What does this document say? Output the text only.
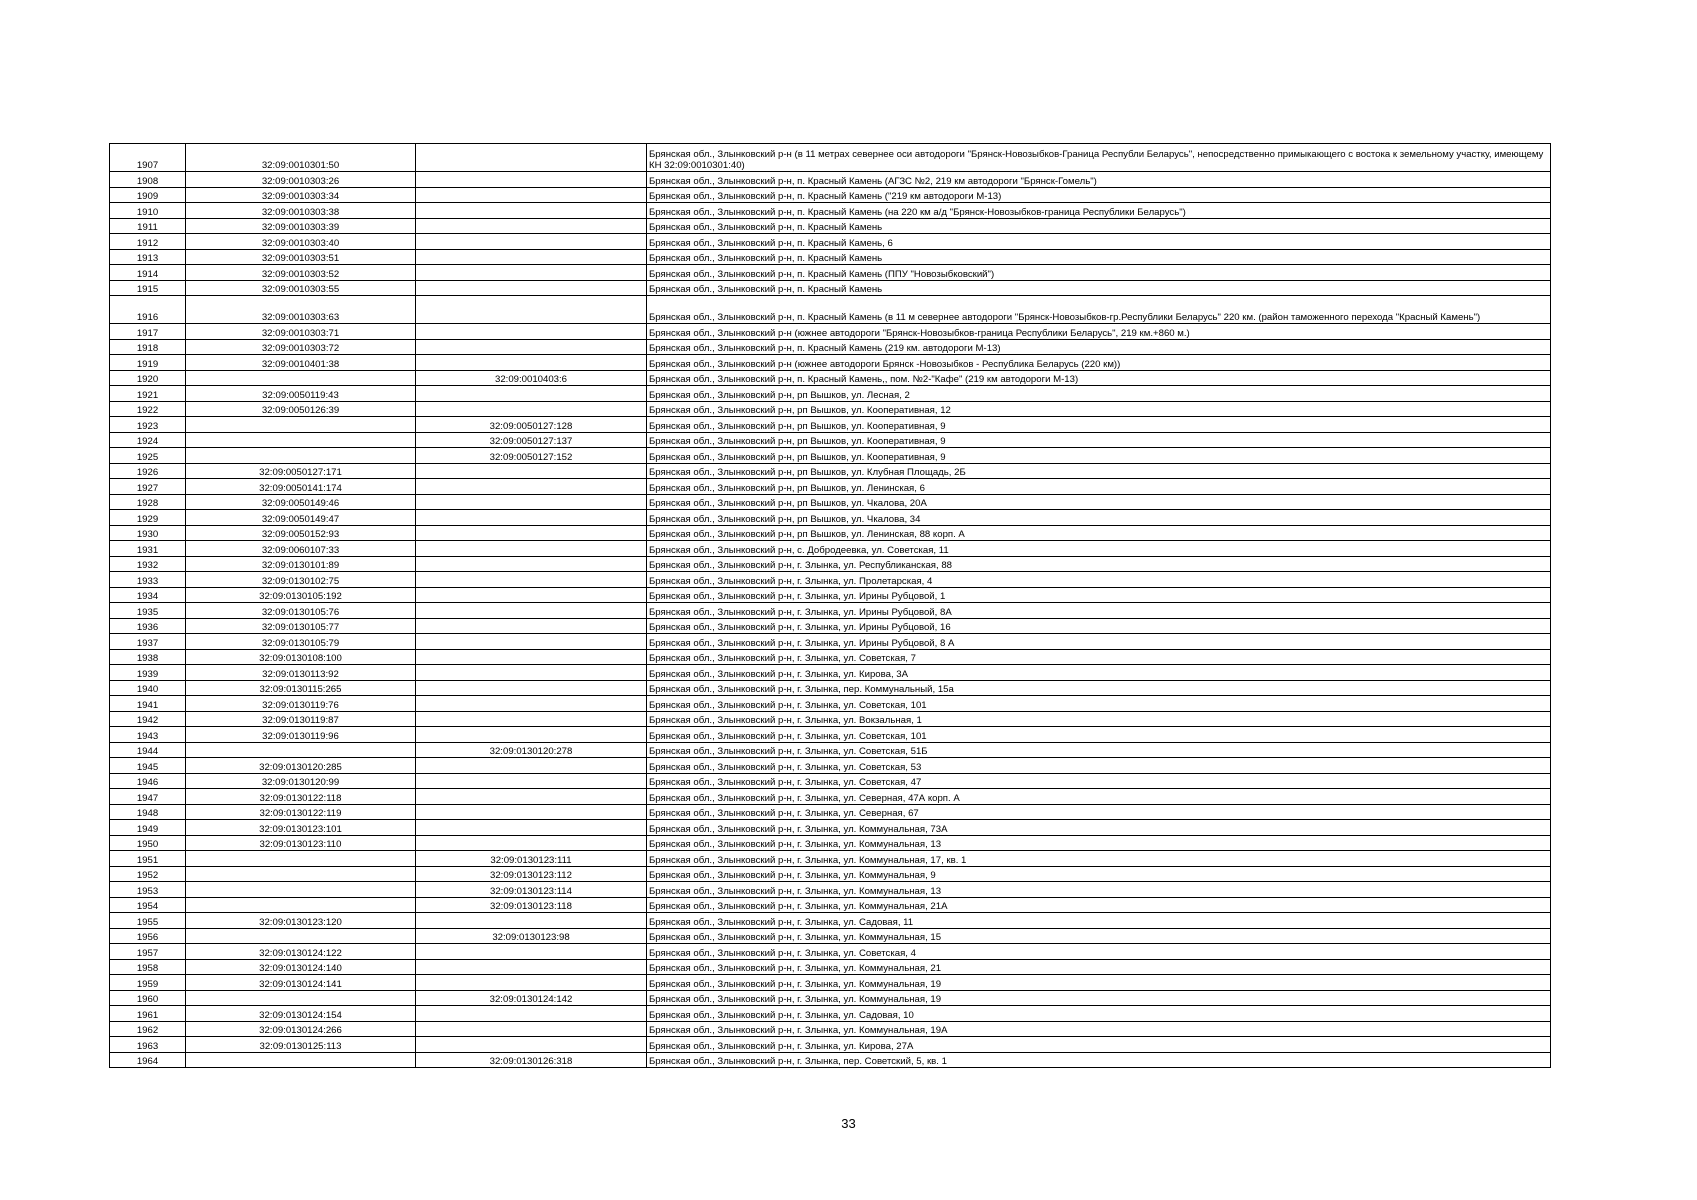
1907	32:09:0010301:50		Брянская обл., Злынковский р-н (в 11 метрах севернее оси автодороги "Брянск-Новозыбков-Граница Республи Беларусь", непосредственно примыкающего с востока к земельному участку, имеющему КН 32:09:0010301:40)
1908	32:09:0010303:26		Брянская обл., Злынковский р-н, п. Красный Камень (АГЗС №2, 219 км автодороги "Брянск-Гомель")
1909	32:09:0010303:34		Брянская обл., Злынковский р-н, п. Красный Камень ("219 км автодороги М-13)
1910	32:09:0010303:38		Брянская обл., Злынковский р-н, п. Красный Камень (на 220 км а/д "Брянск-Новозыбков-граница Республики Беларусь")
1911	32:09:0010303:39		Брянская обл., Злынковский р-н, п. Красный Камень
1912	32:09:0010303:40		Брянская обл., Злынковский р-н, п. Красный Камень, 6
1913	32:09:0010303:51		Брянская обл., Злынковский р-н, п. Красный Камень
1914	32:09:0010303:52		Брянская обл., Злынковский р-н, п. Красный Камень (ППУ "Новозыбковский")
1915	32:09:0010303:55		Брянская обл., Злынковский р-н, п. Красный Камень
1916	32:09:0010303:63		Брянская обл., Злынковский р-н, п. Красный Камень (в 11 м севернее автодороги "Брянск-Новозыбков-гр.Республики Беларусь" 220 км. (район таможенного перехода "Красный Камень")
1917	32:09:0010303:71		Брянская обл., Злынковский р-н (южнее автодороги "Брянск-Новозыбков-граница Республики Беларусь", 219 км.+860 м.)
1918	32:09:0010303:72		Брянская обл., Злынковский р-н, п. Красный Камень (219 км. автодороги М-13)
1919	32:09:0010401:38		Брянская обл., Злынковский р-н (южнее автодороги Брянск -Новозыбков - Республика Беларусь (220 км))
1920		32:09:0010403:6	Брянская обл., Злынковский р-н, п. Красный Камень,, пом. №2-"Кафе" (219 км автодороги М-13)
1921	32:09:0050119:43		Брянская обл., Злынковский р-н, рп Вышков, ул. Лесная, 2
1922	32:09:0050126:39		Брянская обл., Злынковский р-н, рп Вышков, ул. Кооперативная, 12
1923		32:09:0050127:128	Брянская обл., Злынковский р-н, рп Вышков, ул. Кооперативная, 9
1924		32:09:0050127:137	Брянская обл., Злынковский р-н, рп Вышков, ул. Кооперативная, 9
1925		32:09:0050127:152	Брянская обл., Злынковский р-н, рп Вышков, ул. Кооперативная, 9
1926	32:09:0050127:171		Брянская обл., Злынковский р-н, рп Вышков, ул. Клубная Площадь, 2Б
1927	32:09:0050141:174		Брянская обл., Злынковский р-н, рп Вышков, ул. Ленинская, 6
1928	32:09:0050149:46		Брянская обл., Злынковский р-н, рп Вышков, ул. Чкалова, 20А
1929	32:09:0050149:47		Брянская обл., Злынковский р-н, рп Вышков, ул. Чкалова, 34
1930	32:09:0050152:93		Брянская обл., Злынковский р-н, рп Вышков, ул. Ленинская, 88 корп. А
1931	32:09:0060107:33		Брянская обл., Злынковский р-н, с. Добродеевка, ул. Советская, 11
1932	32:09:0130101:89		Брянская обл., Злынковский р-н, г. Злынка, ул. Республиканская, 88
1933	32:09:0130102:75		Брянская обл., Злынковский р-н, г. Злынка, ул. Пролетарская, 4
1934	32:09:0130105:192		Брянская обл., Злынковский р-н, г. Злынка, ул. Ирины Рубцовой, 1
1935	32:09:0130105:76		Брянская обл., Злынковский р-н, г. Злынка, ул. Ирины Рубцовой, 8А
1936	32:09:0130105:77		Брянская обл., Злынковский р-н, г. Злынка, ул. Ирины Рубцовой, 16
1937	32:09:0130105:79		Брянская обл., Злынковский р-н, г. Злынка, ул. Ирины Рубцовой, 8 А
1938	32:09:0130108:100		Брянская обл., Злынковский р-н, г. Злынка, ул. Советская, 7
1939	32:09:0130113:92		Брянская обл., Злынковский р-н, г. Злынка, ул. Кирова, 3А
1940	32:09:0130115:265		Брянская обл., Злынковский р-н, г. Злынка, пер. Коммунальный, 15а
1941	32:09:0130119:76		Брянская обл., Злынковский р-н, г. Злынка, ул. Советская, 101
1942	32:09:0130119:87		Брянская обл., Злынковский р-н, г. Злынка, ул. Вокзальная, 1
1943	32:09:0130119:96		Брянская обл., Злынковский р-н, г. Злынка, ул. Советская, 101
1944		32:09:0130120:278	Брянская обл., Злынковский р-н, г. Злынка, ул. Советская, 51Б
1945	32:09:0130120:285		Брянская обл., Злынковский р-н, г. Злынка, ул. Советская, 53
1946	32:09:0130120:99		Брянская обл., Злынковский р-н, г. Злынка, ул. Советская, 47
1947	32:09:0130122:118		Брянская обл., Злынковский р-н, г. Злынка, ул. Северная, 47А корп. А
1948	32:09:0130122:119		Брянская обл., Злынковский р-н, г. Злынка, ул. Северная, 67
1949	32:09:0130123:101		Брянская обл., Злынковский р-н, г. Злынка, ул. Коммунальная, 73А
1950	32:09:0130123:110		Брянская обл., Злынковский р-н, г. Злынка, ул. Коммунальная, 13
1951		32:09:0130123:111	Брянская обл., Злынковский р-н, г. Злынка, ул. Коммунальная, 17, кв. 1
1952		32:09:0130123:112	Брянская обл., Злынковский р-н, г. Злынка, ул. Коммунальная, 9
1953		32:09:0130123:114	Брянская обл., Злынковский р-н, г. Злынка, ул. Коммунальная, 13
1954		32:09:0130123:118	Брянская обл., Злынковский р-н, г. Злынка, ул. Коммунальная, 21А
1955	32:09:0130123:120		Брянская обл., Злынковский р-н, г. Злынка, ул. Садовая, 11
1956		32:09:0130123:98	Брянская обл., Злынковский р-н, г. Злынка, ул. Коммунальная, 15
1957	32:09:0130124:122		Брянская обл., Злынковский р-н, г. Злынка, ул. Советская, 4
1958	32:09:0130124:140		Брянская обл., Злынковский р-н, г. Злынка, ул. Коммунальная, 21
1959	32:09:0130124:141		Брянская обл., Злынковский р-н, г. Злынка, ул. Коммунальная, 19
1960		32:09:0130124:142	Брянская обл., Злынковский р-н, г. Злынка, ул. Коммунальная, 19
1961	32:09:0130124:154		Брянская обл., Злынковский р-н, г. Злынка, ул. Садовая, 10
1962	32:09:0130124:266		Брянская обл., Злынковский р-н, г. Злынка, ул. Коммунальная, 19А
1963	32:09:0130125:113		Брянская обл., Злынковский р-н, г. Злынка, ул. Кирова, 27А
1964		32:09:0130126:318	Брянская обл., Злынковский р-н, г. Злынка, пер. Советский, 5, кв. 1
33
